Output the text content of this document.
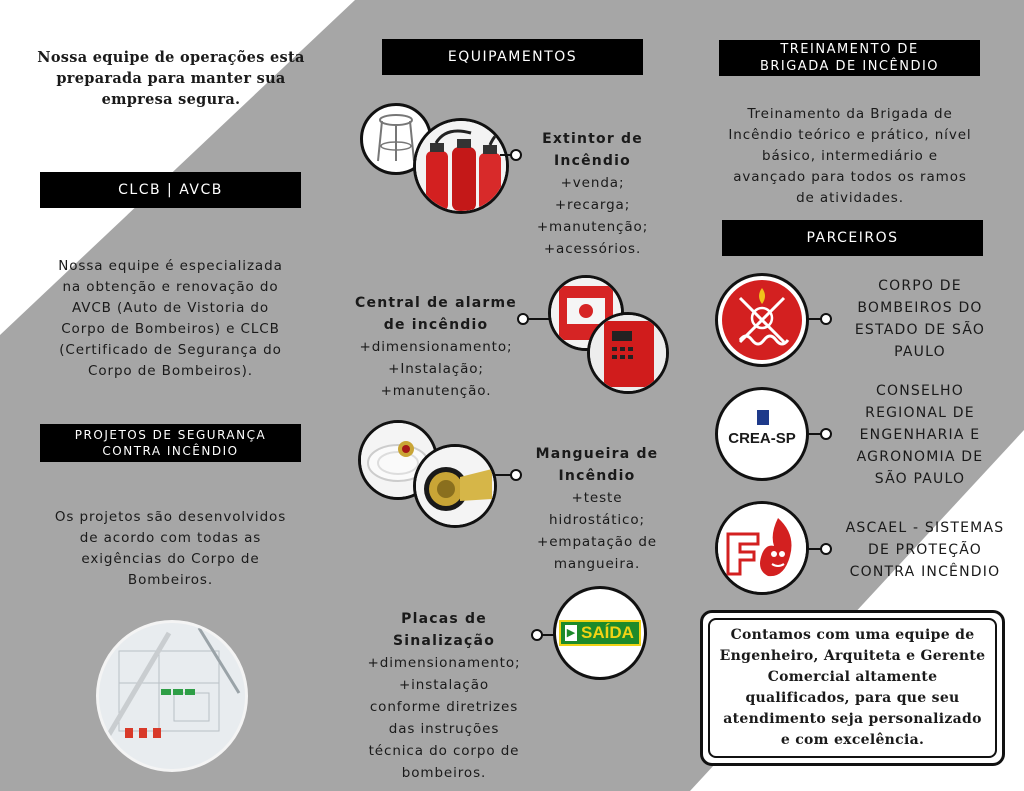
Nossa equipe de operações esta
preparada para manter sua
empresa segura.
CLCB | AVCB
Nossa equipe é especializada
na obtenção e renovação do
AVCB (Auto de Vistoria do
Corpo de Bombeiros) e CLCB
(Certificado de Segurança do
Corpo de Bombeiros).
PROJETOS DE SEGURANÇA
CONTRA INCÊNDIO
Os projetos são desenvolvidos
de acordo com todas as
exigências do Corpo de
Bombeiros.
EQUIPAMENTOS
Extintor de
Incêndio
+venda;
+recarga;
+manutenção;
+acessórios.
Central de alarme
de incêndio
+dimensionamento;
+Instalação;
+manutenção.
Mangueira de
Incêndio
+teste
hidrostático;
+empatação de
mangueira.
Placas de
Sinalização
+dimensionamento;
+instalação
conforme diretrizes
das instruções
técnica do corpo de
bombeiros.
▶ SAÍDA
TREINAMENTO DE
BRIGADA DE INCÊNDIO
Treinamento da Brigada de
Incêndio teórico e prático, nível
básico, intermediário e
avançado para todos os ramos
de atividades.
PARCEIROS
CORPO DE
BOMBEIROS DO
ESTADO DE SÃO
PAULO
CREA-SP
CONSELHO
REGIONAL DE
ENGENHARIA E
AGRONOMIA DE
SÃO PAULO
ASCAEL - SISTEMAS
DE PROTEÇÃO
CONTRA INCÊNDIO
Contamos com uma equipe de
Engenheiro, Arquiteta e Gerente
Comercial altamente
qualificados, para que seu
atendimento seja personalizado
e com excelência.
